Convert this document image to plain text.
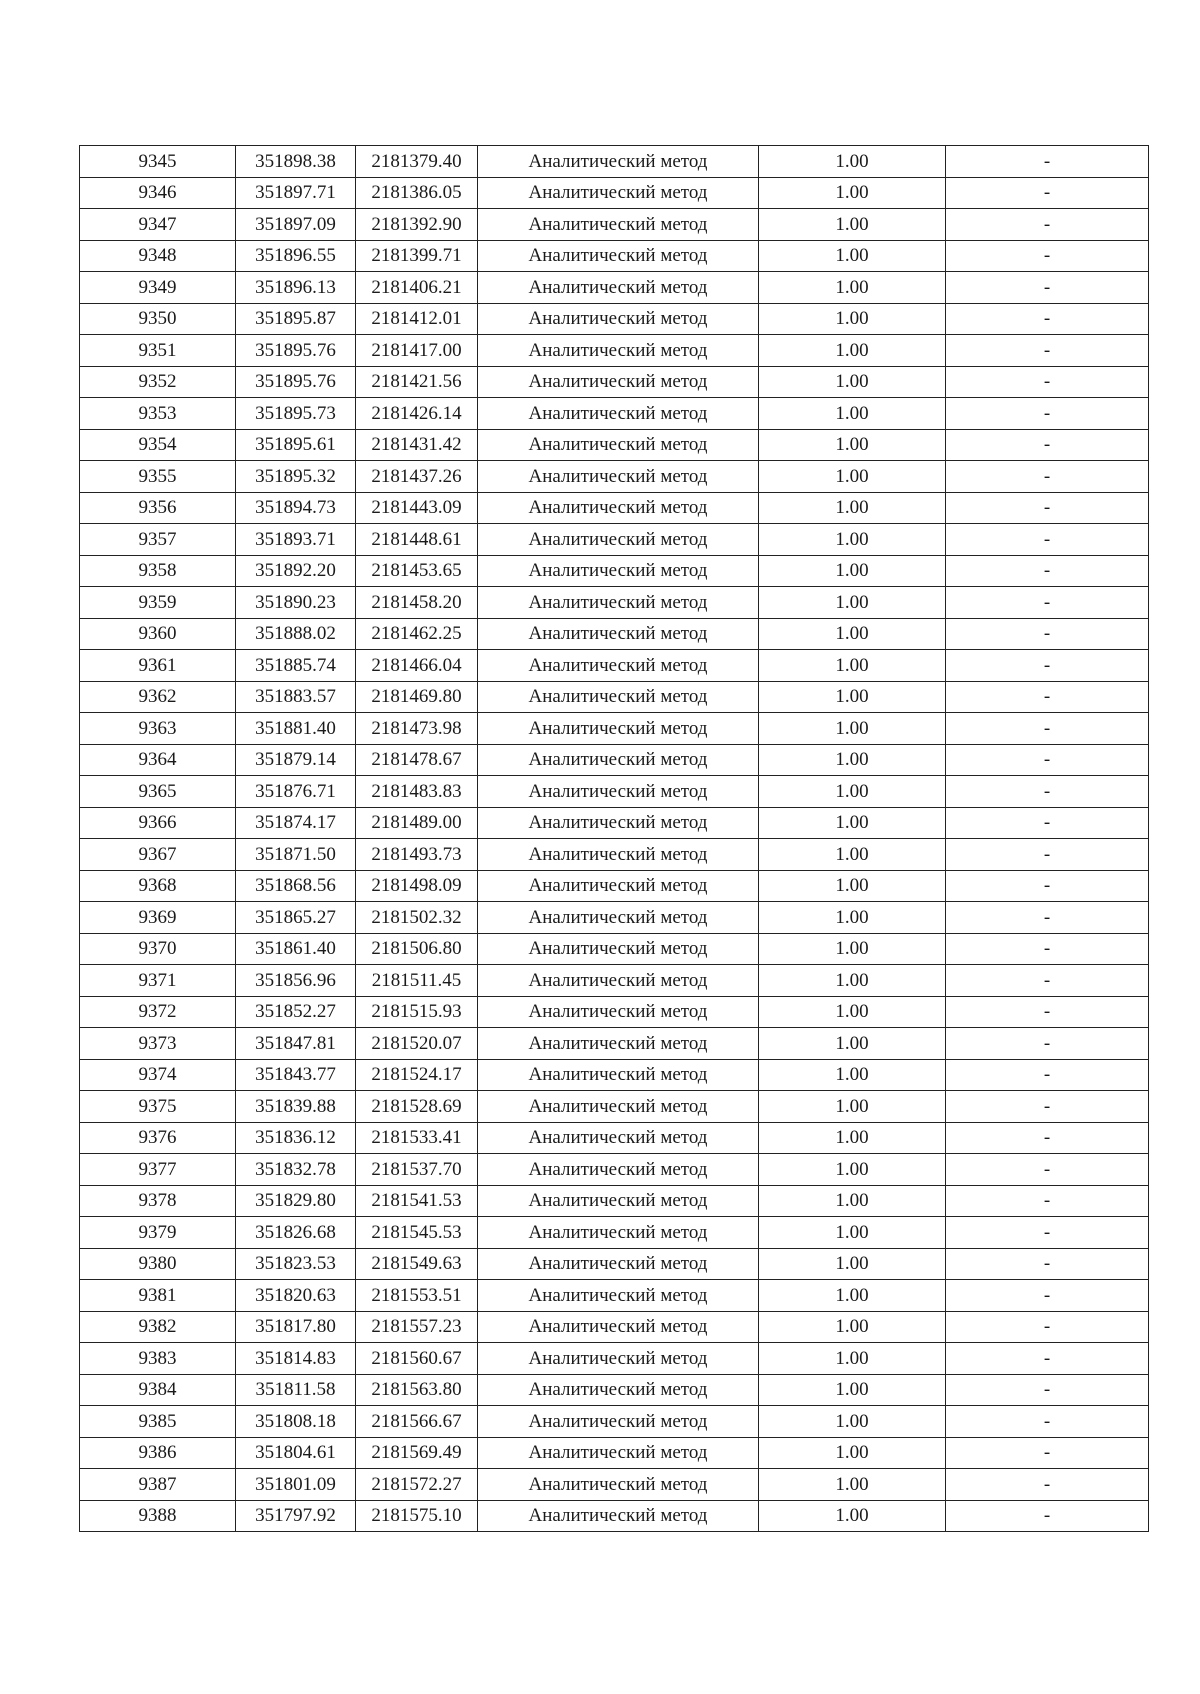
9345	351898.38	2181379.40	Аналитический метод	1.00	-
9346	351897.71	2181386.05	Аналитический метод	1.00	-
9347	351897.09	2181392.90	Аналитический метод	1.00	-
9348	351896.55	2181399.71	Аналитический метод	1.00	-
9349	351896.13	2181406.21	Аналитический метод	1.00	-
9350	351895.87	2181412.01	Аналитический метод	1.00	-
9351	351895.76	2181417.00	Аналитический метод	1.00	-
9352	351895.76	2181421.56	Аналитический метод	1.00	-
9353	351895.73	2181426.14	Аналитический метод	1.00	-
9354	351895.61	2181431.42	Аналитический метод	1.00	-
9355	351895.32	2181437.26	Аналитический метод	1.00	-
9356	351894.73	2181443.09	Аналитический метод	1.00	-
9357	351893.71	2181448.61	Аналитический метод	1.00	-
9358	351892.20	2181453.65	Аналитический метод	1.00	-
9359	351890.23	2181458.20	Аналитический метод	1.00	-
9360	351888.02	2181462.25	Аналитический метод	1.00	-
9361	351885.74	2181466.04	Аналитический метод	1.00	-
9362	351883.57	2181469.80	Аналитический метод	1.00	-
9363	351881.40	2181473.98	Аналитический метод	1.00	-
9364	351879.14	2181478.67	Аналитический метод	1.00	-
9365	351876.71	2181483.83	Аналитический метод	1.00	-
9366	351874.17	2181489.00	Аналитический метод	1.00	-
9367	351871.50	2181493.73	Аналитический метод	1.00	-
9368	351868.56	2181498.09	Аналитический метод	1.00	-
9369	351865.27	2181502.32	Аналитический метод	1.00	-
9370	351861.40	2181506.80	Аналитический метод	1.00	-
9371	351856.96	2181511.45	Аналитический метод	1.00	-
9372	351852.27	2181515.93	Аналитический метод	1.00	-
9373	351847.81	2181520.07	Аналитический метод	1.00	-
9374	351843.77	2181524.17	Аналитический метод	1.00	-
9375	351839.88	2181528.69	Аналитический метод	1.00	-
9376	351836.12	2181533.41	Аналитический метод	1.00	-
9377	351832.78	2181537.70	Аналитический метод	1.00	-
9378	351829.80	2181541.53	Аналитический метод	1.00	-
9379	351826.68	2181545.53	Аналитический метод	1.00	-
9380	351823.53	2181549.63	Аналитический метод	1.00	-
9381	351820.63	2181553.51	Аналитический метод	1.00	-
9382	351817.80	2181557.23	Аналитический метод	1.00	-
9383	351814.83	2181560.67	Аналитический метод	1.00	-
9384	351811.58	2181563.80	Аналитический метод	1.00	-
9385	351808.18	2181566.67	Аналитический метод	1.00	-
9386	351804.61	2181569.49	Аналитический метод	1.00	-
9387	351801.09	2181572.27	Аналитический метод	1.00	-
9388	351797.92	2181575.10	Аналитический метод	1.00	-
